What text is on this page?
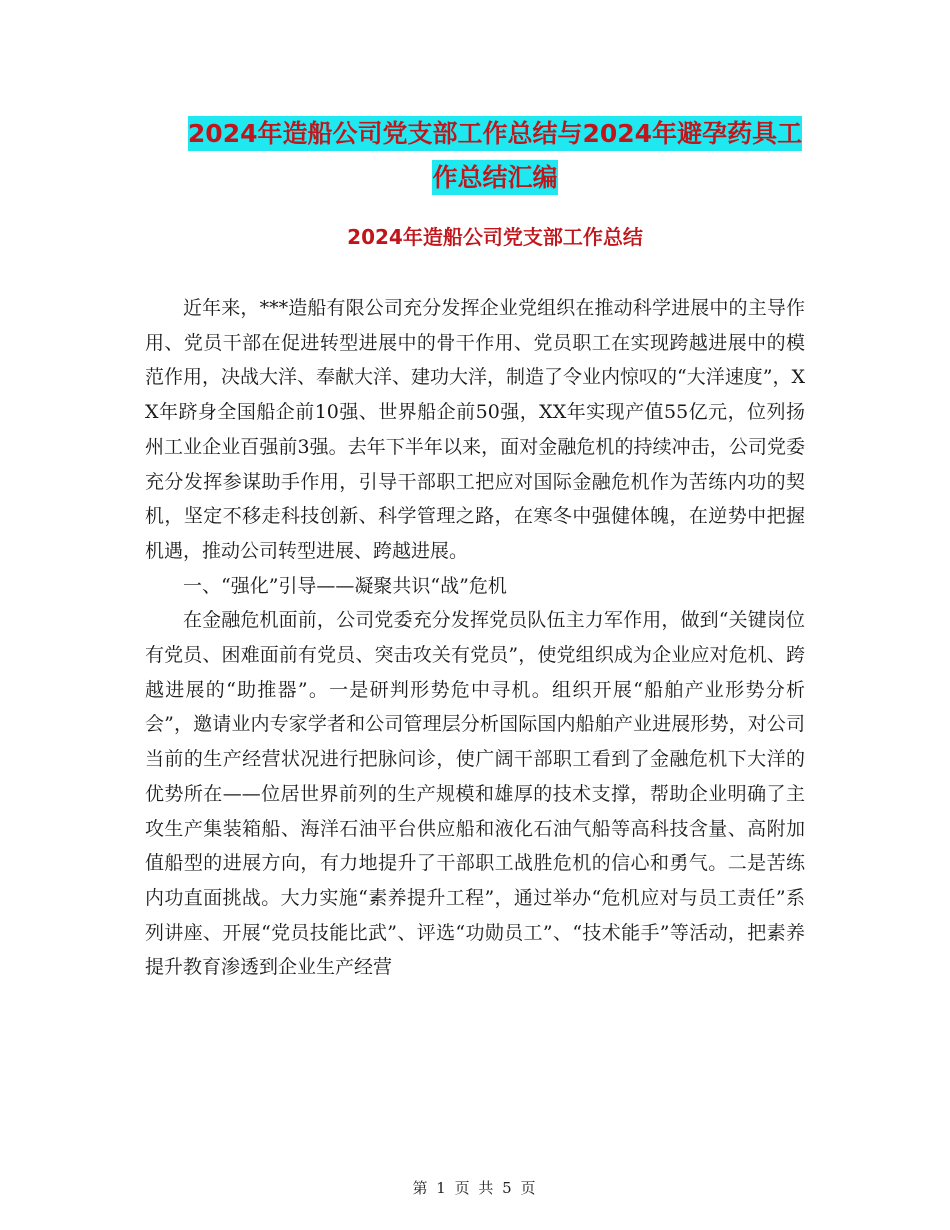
2024年造船公司党支部工作总结与2024年避孕药具工
作总结汇编
2024年造船公司党支部工作总结

近年来，***造船有限公司充分发挥企业党组织在推动科学进展中的主导作用、党员干部在促进转型进展中的骨干作用、党员职工在实现跨越进展中的模范作用，决战大洋、奉献大洋、建功大洋，制造了令业内惊叹的“大洋速度”，XX年跻身全国船企前10强、世界船企前50强，XX年实现产值55亿元，位列扬州工业企业百强前3强。去年下半年以来，面对金融危机的持续冲击，公司党委充分发挥参谋助手作用，引导干部职工把应对国际金融危机作为苦练内功的契机，坚定不移走科技创新、科学管理之路，在寒冬中强健体魄，在逆势中把握机遇，推动公司转型进展、跨越进展。

一、“强化”引导——凝聚共识“战”危机

在金融危机面前，公司党委充分发挥党员队伍主力军作用，做到“关键岗位有党员、困难面前有党员、突击攻关有党员”，使党组织成为企业应对危机、跨越进展的“助推器”。一是研判形势危中寻机。组织开展“船舶产业形势分析会”，邀请业内专家学者和公司管理层分析国际国内船舶产业进展形势，对公司当前的生产经营状况进行把脉问诊，使广阔干部职工看到了金融危机下大洋的优势所在——位居世界前列的生产规模和雄厚的技术支撑，帮助企业明确了主攻生产集装箱船、海洋石油平台供应船和液化石油气船等高科技含量、高附加值船型的进展方向，有力地提升了干部职工战胜危机的信心和勇气。二是苦练内功直面挑战。大力实施“素养提升工程”，通过举办“危机应对与员工责任”系列讲座、开展“党员技能比武”、评选“功勋员工”、“技术能手”等活动，把素养提升教育渗透到企业生产经营

第 1 页 共 5 页
